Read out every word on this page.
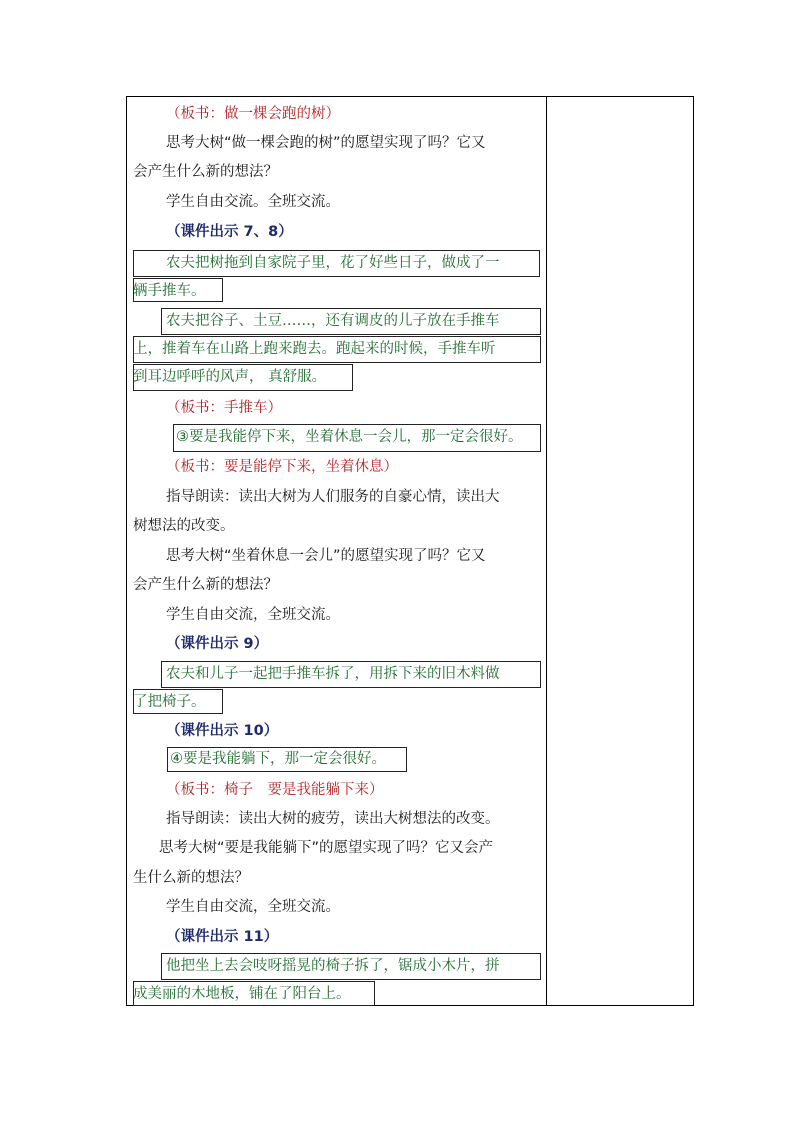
（板书：做一棵会跑的树）
思考大树“做一棵会跑的树”的愿望实现了吗？它又
会产生什么新的想法？
学生自由交流。全班交流。
（课件出示 7、8）
农夫把树拖到自家院子里，花了好些日子，做成了一
辆手推车。
农夫把谷子、土豆……，还有调皮的儿子放在手推车
上，推着车在山路上跑来跑去。跑起来的时候，手推车听
到耳边呼呼的风声， 真舒服。
（板书：手推车）
③要是我能停下来，坐着休息一会儿，那一定会很好。
（板书：要是能停下来，坐着休息）
指导朗读：读出大树为人们服务的自豪心情，读出大
树想法的改变。
思考大树“坐着休息一会儿”的愿望实现了吗？它又
会产生什么新的想法？
学生自由交流，全班交流。
（课件出示 9）
农夫和儿子一起把手推车拆了，用拆下来的旧木料做
了把椅子。
（课件出示 10）
④要是我能躺下，那一定会很好。
（板书：椅子　要是我能躺下来）
指导朗读：读出大树的疲劳，读出大树想法的改变。
思考大树“要是我能躺下”的愿望实现了吗？它又会产
生什么新的想法？
学生自由交流，全班交流。
（课件出示 11）
他把坐上去会吱呀摇晃的椅子拆了，锯成小木片，拼
成美丽的木地板，铺在了阳台上。
